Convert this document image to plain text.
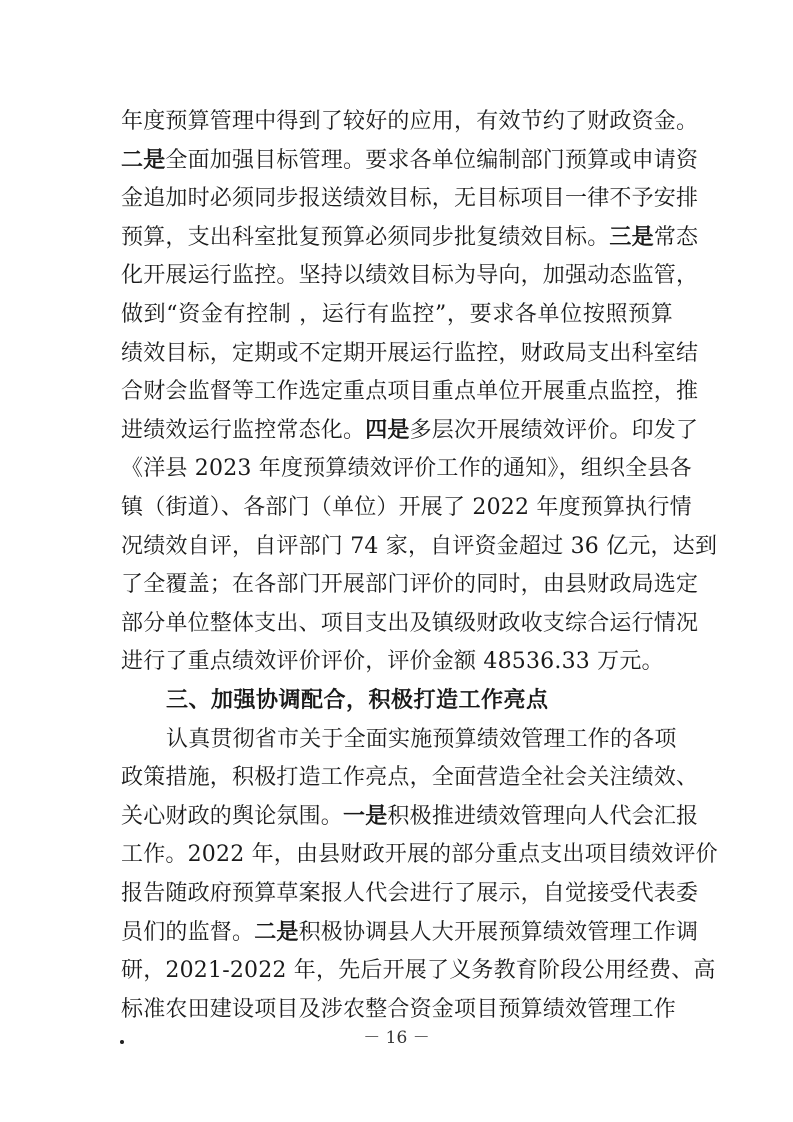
年度预算管理中得到了较好的应用，有效节约了财政资金。
二是全面加强目标管理。要求各单位编制部门预算或申请资
金追加时必须同步报送绩效目标，无目标项目一律不予安排
预算，支出科室批复预算必须同步批复绩效目标。三是常态
化开展运行监控。坚持以绩效目标为导向，加强动态监管，
做到“资金有控制 ，运行有监控”，要求各单位按照预算
绩效目标，定期或不定期开展运行监控，财政局支出科室结
合财会监督等工作选定重点项目重点单位开展重点监控，推
进绩效运行监控常态化。四是多层次开展绩效评价。印发了
《洋县 2023 年度预算绩效评价工作的通知》，组织全县各
镇（街道）、各部门（单位）开展了 2022 年度预算执行情
况绩效自评，自评部门 74 家，自评资金超过 36 亿元，达到
了全覆盖；在各部门开展部门评价的同时，由县财政局选定
部分单位整体支出、项目支出及镇级财政收支综合运行情况
进行了重点绩效评价评价，评价金额 48536.33 万元。
三、加强协调配合，积极打造工作亮点
认真贯彻省市关于全面实施预算绩效管理工作的各项
政策措施，积极打造工作亮点，全面营造全社会关注绩效、
关心财政的舆论氛围。一是积极推进绩效管理向人代会汇报
工作。2022 年，由县财政开展的部分重点支出项目绩效评价
报告随政府预算草案报人代会进行了展示，自觉接受代表委
员们的监督。二是积极协调县人大开展预算绩效管理工作调
研，2021-2022 年，先后开展了义务教育阶段公用经费、高
标准农田建设项目及涉农整合资金项目预算绩效管理工作
－ 16 －
